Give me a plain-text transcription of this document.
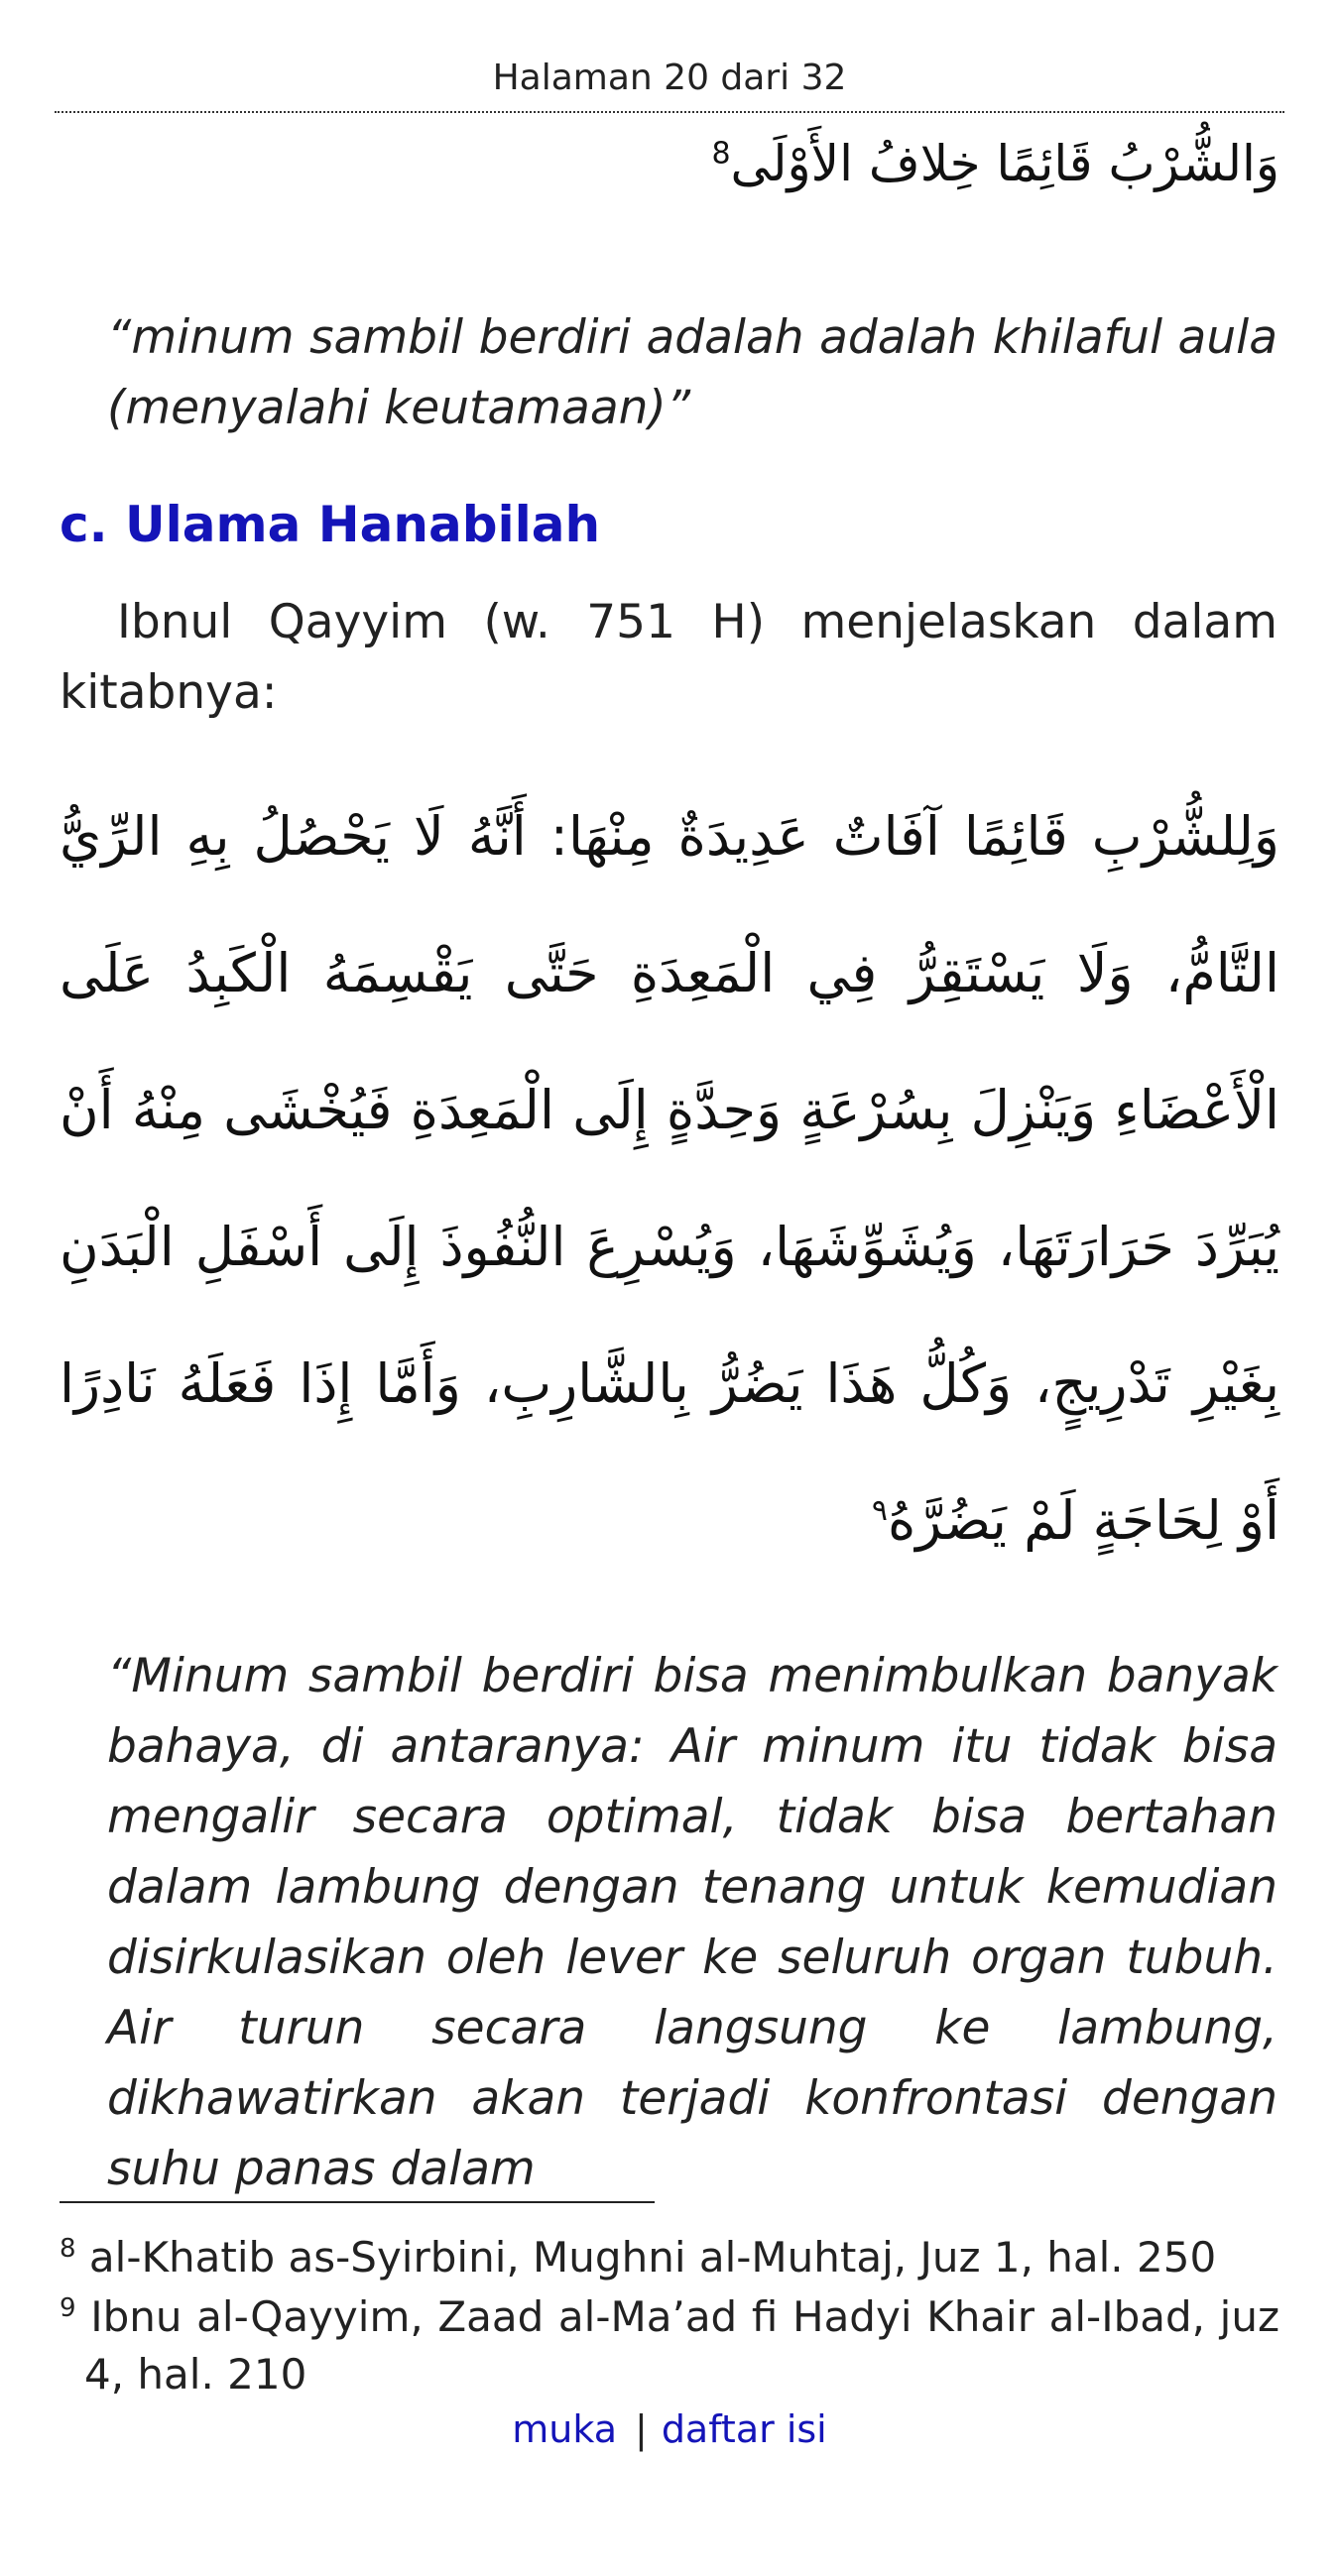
Halaman 20 dari 32
وَالشُّرْبُ قَائِمًا خِلافُ الأَوْلَى$^8$
“minum sambil berdiri adalah adalah khilaful aula (menyalahi keutamaan)”
c. Ulama Hanabilah
Ibnul Qayyim (w. 751 H) menjelaskan dalam kitabnya:
وَلِلشُّرْبِ قَائِمًا آفَاتٌ عَدِيدَةٌ مِنْهَا: أَنَّهُ لَا يَحْصُلُ بِهِ الرِّيُّ التَّامُّ، وَلَا يَسْتَقِرُّ فِي الْمَعِدَةِ حَتَّى يَقْسِمَهُ الْكَبِدُ عَلَى الْأَعْضَاءِ وَيَنْزِلَ بِسُرْعَةٍ وَحِدَّةٍ إِلَى الْمَعِدَةِ فَيُخْشَى مِنْهُ أَنْ يُبَرِّدَ حَرَارَتَهَا، وَيُشَوِّشَهَا، وَيُسْرِعَ النُّفُوذَ إِلَى أَسْفَلِ الْبَدَنِ بِغَيْرِ تَدْرِيجٍ، وَكُلُّ هَذَا يَضُرُّ بِالشَّارِبِ، وَأَمَّا إِذَا فَعَلَهُ نَادِرًا أَوْ لِحَاجَةٍ لَمْ يَضُرَّهُ$^٩$
“Minum sambil berdiri bisa menimbulkan banyak bahaya, di antaranya: Air minum itu tidak bisa mengalir secara optimal, tidak bisa bertahan dalam lambung dengan tenang untuk kemudian disirkulasikan oleh lever ke seluruh organ tubuh. Air turun secara langsung ke lambung, dikhawatirkan akan terjadi konfrontasi dengan suhu panas dalam
$^8$ al-Khatib as-Syirbini, Mughni al-Muhtaj, Juz 1, hal. 250
$^9$ Ibnu al-Qayyim, Zaad al-Ma’ad fi Hadyi Khair al-Ibad, juz 4, hal. 210
muka | daftar isi
